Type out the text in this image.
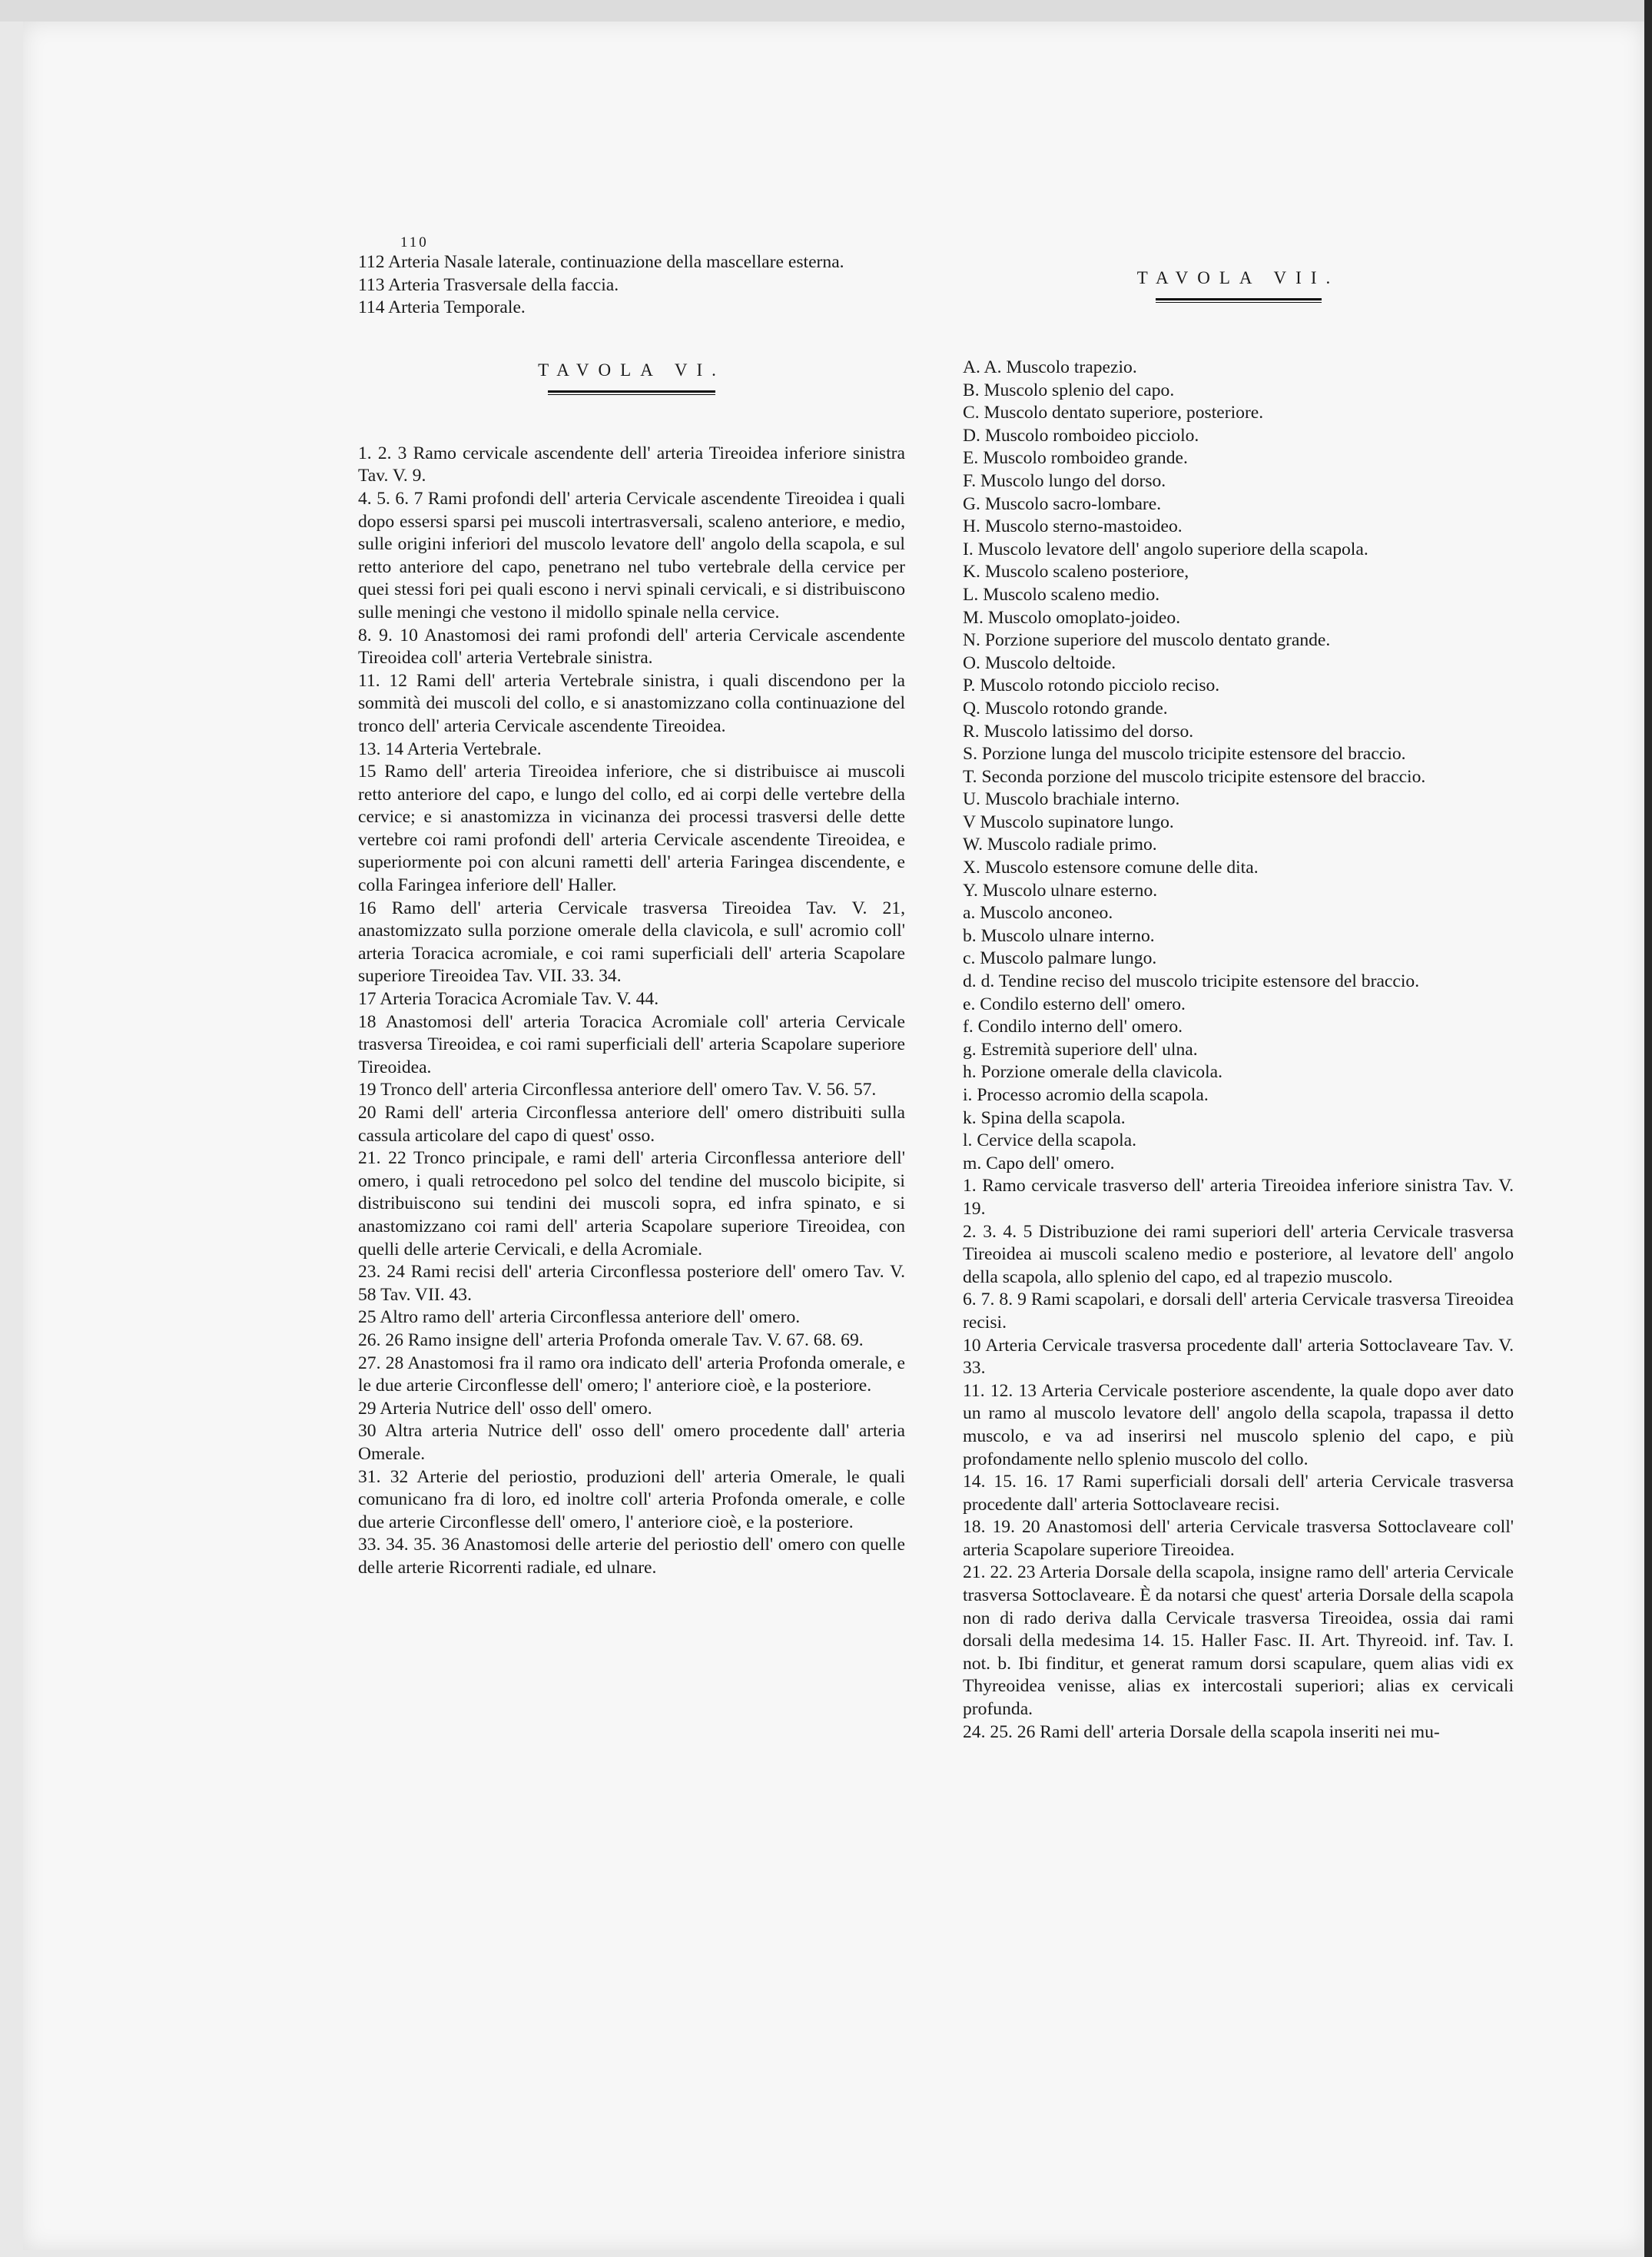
110
112 Arteria Nasale laterale, continuazione della mascellare esterna.
113 Arteria Trasversale della faccia.
114 Arteria Temporale.
TAVOLA VI.
1. 2. 3 Ramo cervicale ascendente dell' arteria Tireoidea inferiore sinistra Tav. V. 9.
4. 5. 6. 7 Rami profondi dell' arteria Cervicale ascendente Tireoidea i quali dopo essersi sparsi pei muscoli intertrasversali, scaleno anteriore, e medio, sulle origini inferiori del muscolo levatore dell' angolo della scapola, e sul retto anteriore del capo, penetrano nel tubo vertebrale della cervice per quei stessi fori pei quali escono i nervi spinali cervicali, e si distribuiscono sulle meningi che vestono il midollo spinale nella cervice.
8. 9. 10 Anastomosi dei rami profondi dell' arteria Cervicale ascendente Tireoidea coll' arteria Vertebrale sinistra.
11. 12 Rami dell' arteria Vertebrale sinistra, i quali discendono per la sommità dei muscoli del collo, e si anastomizzano colla continuazione del tronco dell' arteria Cervicale ascendente Tireoidea.
13. 14 Arteria Vertebrale.
15 Ramo dell' arteria Tireoidea inferiore, che si distribuisce ai muscoli retto anteriore del capo, e lungo del collo, ed ai corpi delle vertebre della cervice; e si anastomizza in vicinanza dei processi trasversi delle dette vertebre coi rami profondi dell' arteria Cervicale ascendente Tireoidea, e superiormente poi con alcuni rametti dell' arteria Faringea discendente, e colla Faringea inferiore dell' Haller.
16 Ramo dell' arteria Cervicale trasversa Tireoidea Tav. V. 21, anastomizzato sulla porzione omerale della clavicola, e sull' acromio coll' arteria Toracica acromiale, e coi rami superficiali dell' arteria Scapolare superiore Tireoidea Tav. VII. 33. 34.
17 Arteria Toracica Acromiale Tav. V. 44.
18 Anastomosi dell' arteria Toracica Acromiale coll' arteria Cervicale trasversa Tireoidea, e coi rami superficiali dell' arteria Scapolare superiore Tireoidea.
19 Tronco dell' arteria Circonflessa anteriore dell' omero Tav. V. 56. 57.
20 Rami dell' arteria Circonflessa anteriore dell' omero distribuiti sulla cassula articolare del capo di quest' osso.
21. 22 Tronco principale, e rami dell' arteria Circonflessa anteriore dell' omero, i quali retrocedono pel solco del tendine del muscolo bicipite, si distribuiscono sui tendini dei muscoli sopra, ed infra spinato, e si anastomizzano coi rami dell' arteria Scapolare superiore Tireoidea, con quelli delle arterie Cervicali, e della Acromiale.
23. 24 Rami recisi dell' arteria Circonflessa posteriore dell' omero Tav. V. 58 Tav. VII. 43.
25 Altro ramo dell' arteria Circonflessa anteriore dell' omero.
26. 26 Ramo insigne dell' arteria Profonda omerale Tav. V. 67. 68. 69.
27. 28 Anastomosi fra il ramo ora indicato dell' arteria Profonda omerale, e le due arterie Circonflesse dell' omero; l' anteriore cioè, e la posteriore.
29 Arteria Nutrice dell' osso dell' omero.
30 Altra arteria Nutrice dell' osso dell' omero procedente dall' arteria Omerale.
31. 32 Arterie del periostio, produzioni dell' arteria Omerale, le quali comunicano fra di loro, ed inoltre coll' arteria Profonda omerale, e colle due arterie Circonflesse dell' omero, l' anteriore cioè, e la posteriore.
33. 34. 35. 36 Anastomosi delle arterie del periostio dell' omero con quelle delle arterie Ricorrenti radiale, ed ulnare.
TAVOLA VII.
A. A. Muscolo trapezio.
B. Muscolo splenio del capo.
C. Muscolo dentato superiore, posteriore.
D. Muscolo romboideo picciolo.
E. Muscolo romboideo grande.
F. Muscolo lungo del dorso.
G. Muscolo sacro-lombare.
H. Muscolo sterno-mastoideo.
I. Muscolo levatore dell' angolo superiore della scapola.
K. Muscolo scaleno posteriore,
L. Muscolo scaleno medio.
M. Muscolo omoplato-joideo.
N. Porzione superiore del muscolo dentato grande.
O. Muscolo deltoide.
P. Muscolo rotondo picciolo reciso.
Q. Muscolo rotondo grande.
R. Muscolo latissimo del dorso.
S. Porzione lunga del muscolo tricipite estensore del braccio.
T. Seconda porzione del muscolo tricipite estensore del braccio.
U. Muscolo brachiale interno.
V Muscolo supinatore lungo.
W. Muscolo radiale primo.
X. Muscolo estensore comune delle dita.
Y. Muscolo ulnare esterno.
a. Muscolo anconeo.
b. Muscolo ulnare interno.
c. Muscolo palmare lungo.
d. d. Tendine reciso del muscolo tricipite estensore del braccio.
e. Condilo esterno dell' omero.
f. Condilo interno dell' omero.
g. Estremità superiore dell' ulna.
h. Porzione omerale della clavicola.
i. Processo acromio della scapola.
k. Spina della scapola.
l. Cervice della scapola.
m. Capo dell' omero.
1. Ramo cervicale trasverso dell' arteria Tireoidea inferiore sinistra Tav. V. 19.
2. 3. 4. 5 Distribuzione dei rami superiori dell' arteria Cervicale trasversa Tireoidea ai muscoli scaleno medio e posteriore, al levatore dell' angolo della scapola, allo splenio del capo, ed al trapezio muscolo.
6. 7. 8. 9 Rami scapolari, e dorsali dell' arteria Cervicale trasversa Tireoidea recisi.
10 Arteria Cervicale trasversa procedente dall' arteria Sottoclaveare Tav. V. 33.
11. 12. 13 Arteria Cervicale posteriore ascendente, la quale dopo aver dato un ramo al muscolo levatore dell' angolo della scapola, trapassa il detto muscolo, e va ad inserirsi nel muscolo splenio del capo, e più profondamente nello splenio muscolo del collo.
14. 15. 16. 17 Rami superficiali dorsali dell' arteria Cervicale trasversa procedente dall' arteria Sottoclaveare recisi.
18. 19. 20 Anastomosi dell' arteria Cervicale trasversa Sottoclaveare coll' arteria Scapolare superiore Tireoidea.
21. 22. 23 Arteria Dorsale della scapola, insigne ramo dell' arteria Cervicale trasversa Sottoclaveare. È da notarsi che quest' arteria Dorsale della scapola non di rado deriva dalla Cervicale trasversa Tireoidea, ossia dai rami dorsali della medesima 14. 15. Haller Fasc. II. Art. Thyreoid. inf. Tav. I. not. b. Ibi finditur, et generat ramum dorsi scapulare, quem alias vidi ex Thyreoidea venisse, alias ex intercostali superiori; alias ex cervicali profunda.
24. 25. 26 Rami dell' arteria Dorsale della scapola inseriti nei mu-
